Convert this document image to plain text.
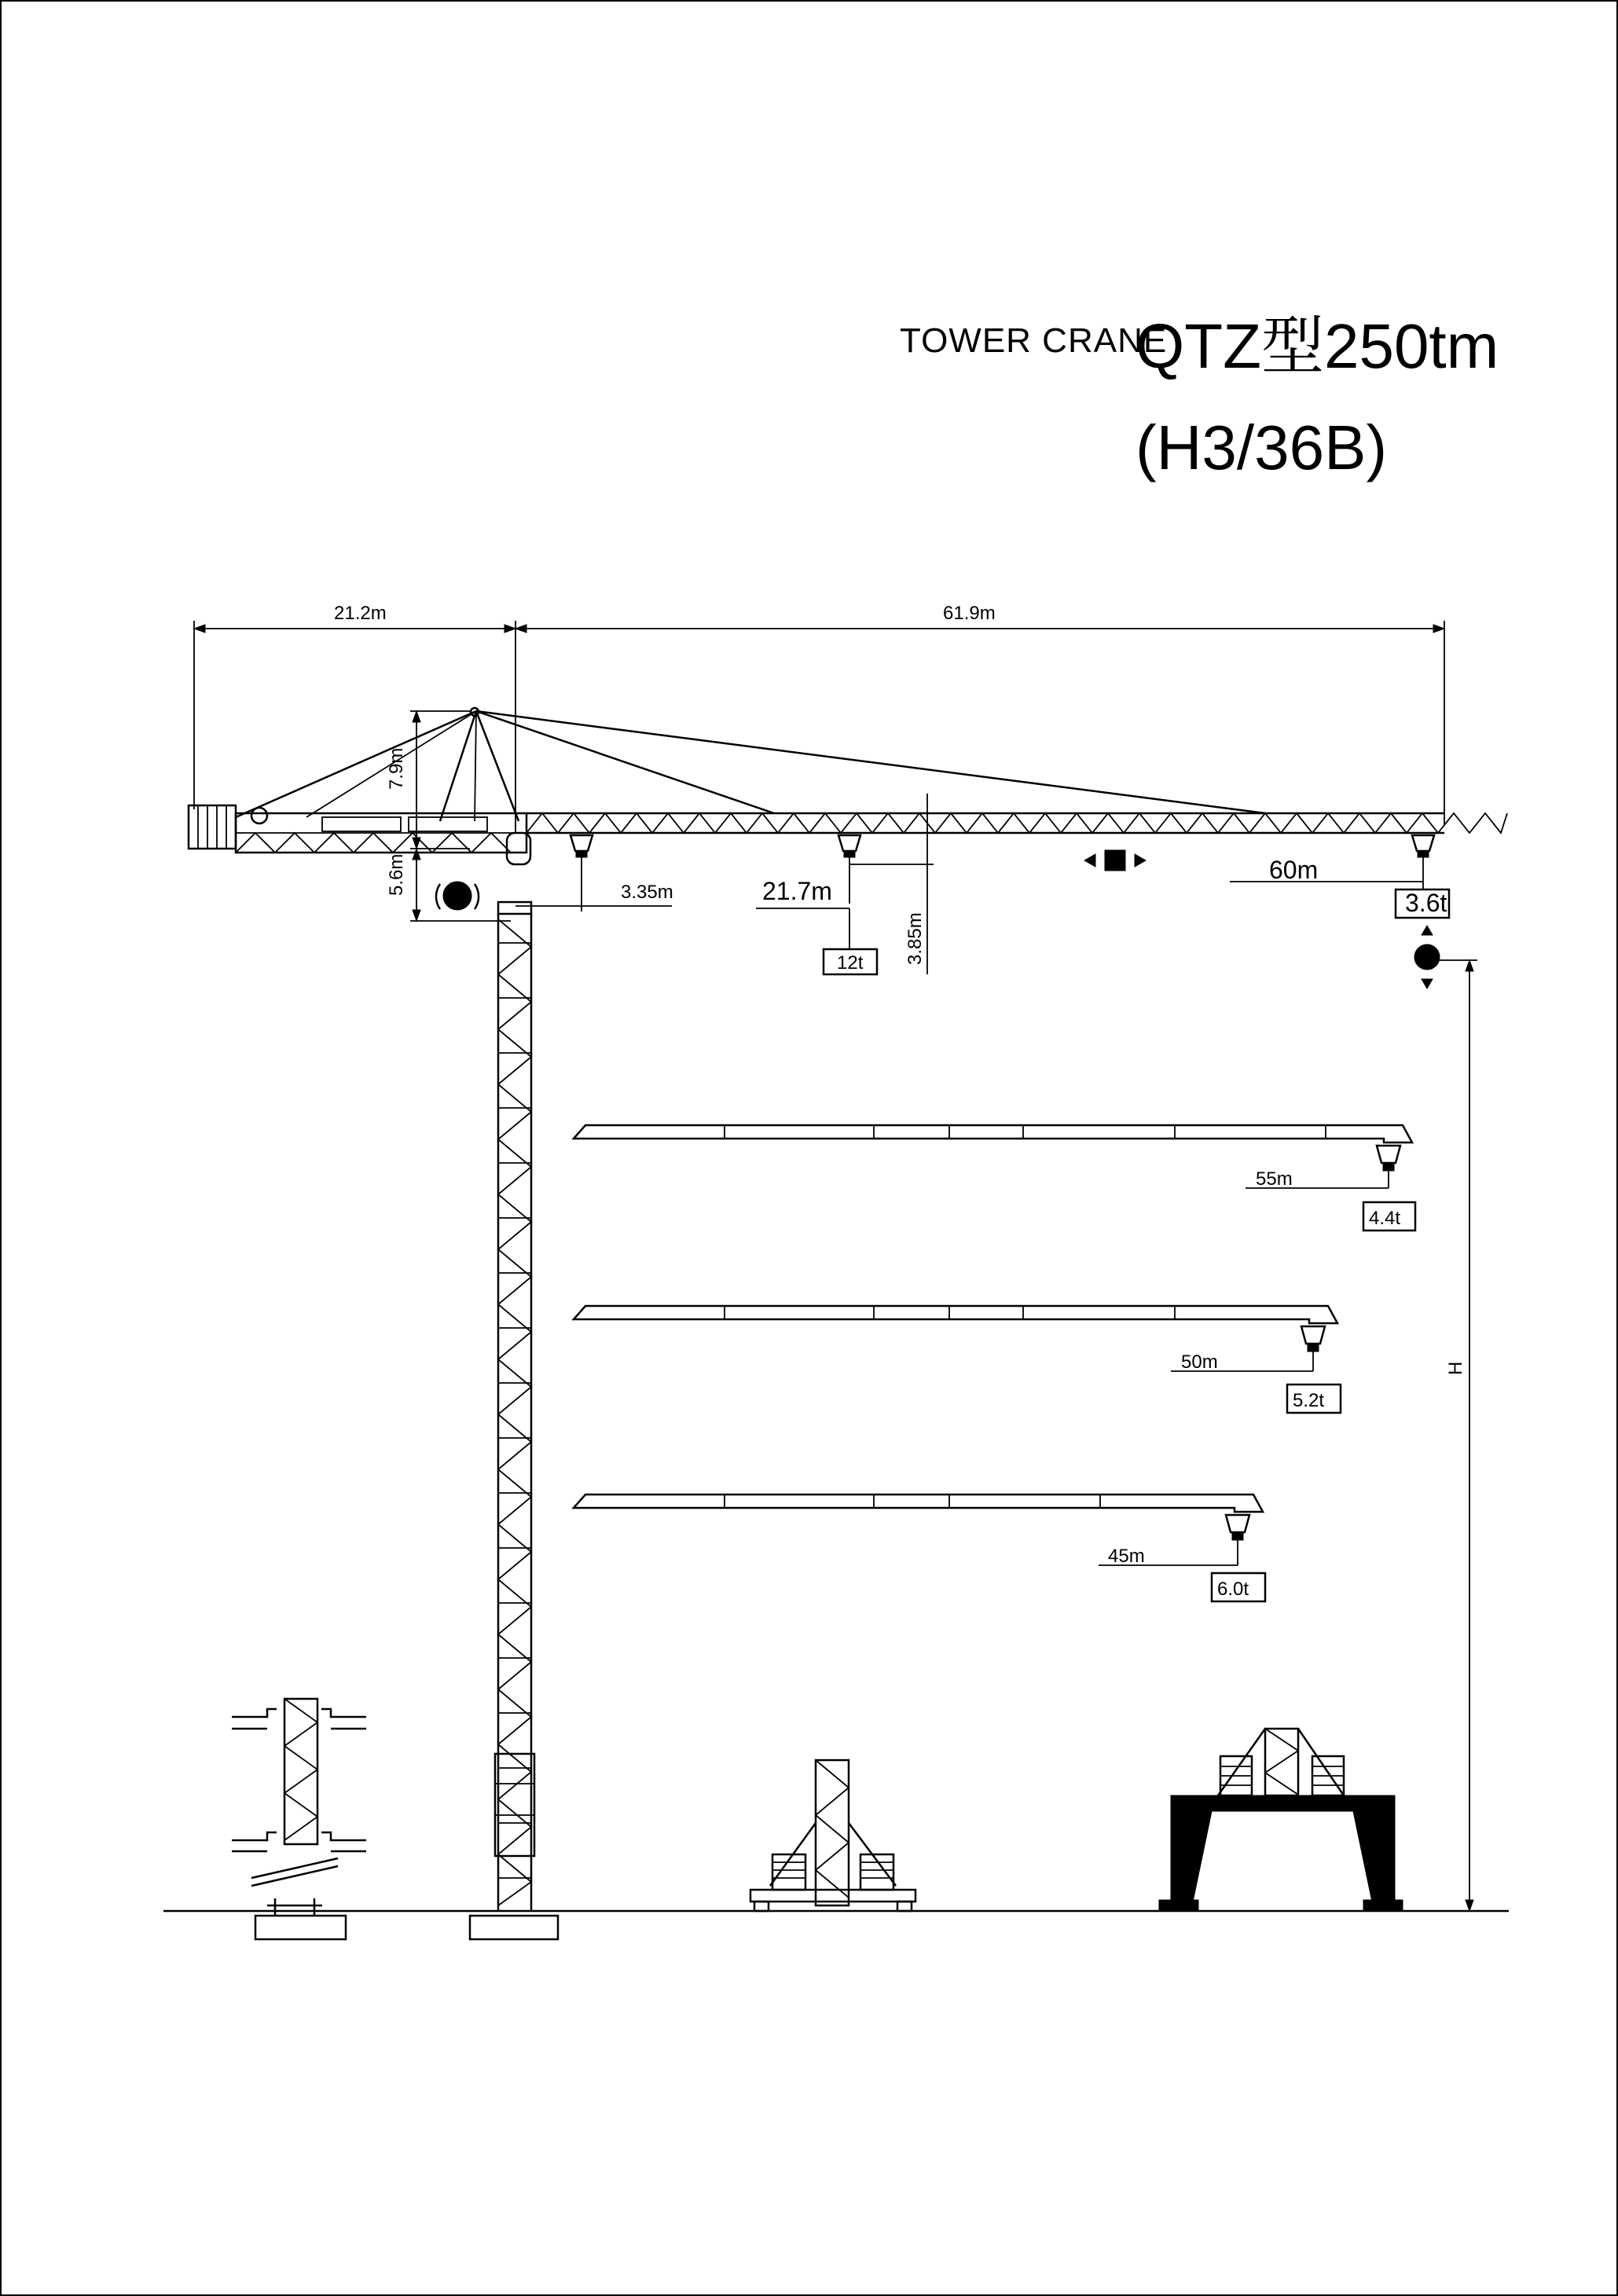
TOWER CRANE
QTZ型250tm
(H3/36B)
21.2m	61.9m
7.9m
5.6m	3.35m	21.7m
12t 3.85m
60m
3.6t
H
55m
4.4t
50m
5.2t
45m
6.0t
